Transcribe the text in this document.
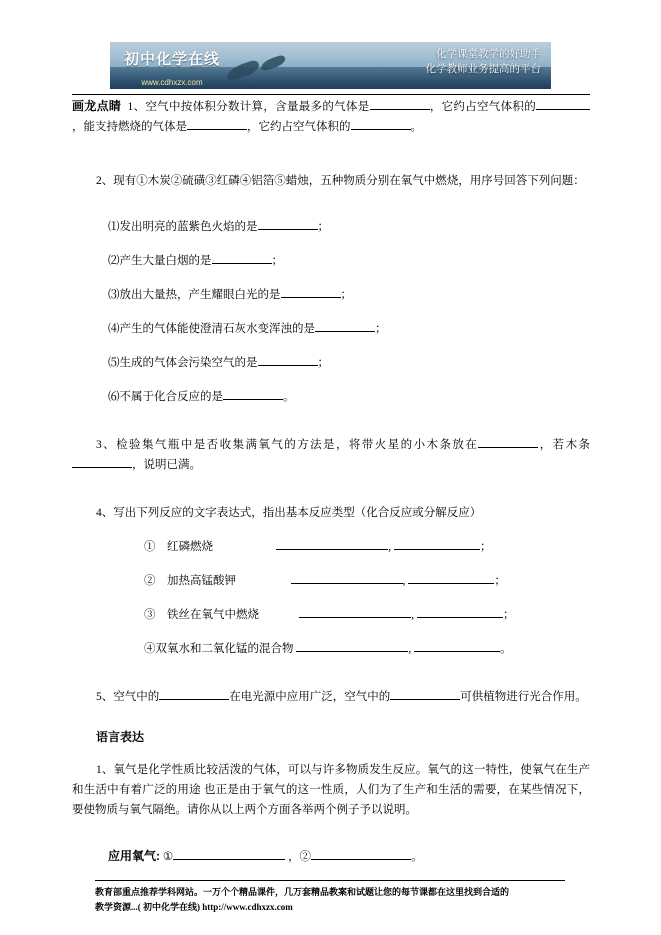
初中化学在线
www.cdhxzx.com
化学课堂教学的好助手
化学教师业务提高的平台

画龙点睛 1、空气中按体积分数计算，含量最多的气体是	，它约占空气体积的，能支持燃烧的气体是	，它约占空气体积的	。

2、现有①木炭②硫磺③红磷④铝箔⑤蜡烛，五种物质分别在氧气中燃烧，用序号回答下列问题：

⑴发出明亮的蓝紫色火焰的是	；

⑵产生大量白烟的是	；

⑶放出大量热，产生耀眼白光的是	；

⑷产生的气体能使澄清石灰水变浑浊的是	；

⑸生成的气体会污染空气的是	；

⑹不属于化合反应的是	。

3、检验集气瓶中是否收集满氧气的方法是，将带火星的小木条放在	，若木条，说明已满。

4、写出下列反应的文字表达式，指出基本反应类型（化合反应或分解反应）

①　红磷燃烧	,	；

②　加热高锰酸钾	,	；

③　铁丝在氧气中燃烧	,	；

④双氧水和二氧化锰的混合物	,	。

5、空气中的	在电光源中应用广泛，空气中的	可供植物进行光合作用。

语言表达

1、氧气是化学性质比较活泼的气体，可以与许多物质发生反应。氧气的这一特性，使氧气在生产和生活中有着广泛的用途 也正是由于氧气的这一性质，人们为了生产和生活的需要，在某些情况下，要使物质与氧气隔绝。请你从以上两个方面各举两个例子予以说明。

应用氧气: ①	，②	。

教育部重点推荐学科网站。一万个个精品课件，几万套精品教案和试题让您的每节课都在这里找到合适的
教学资源...( 初中化学在线) http://www.cdhxzx.com
